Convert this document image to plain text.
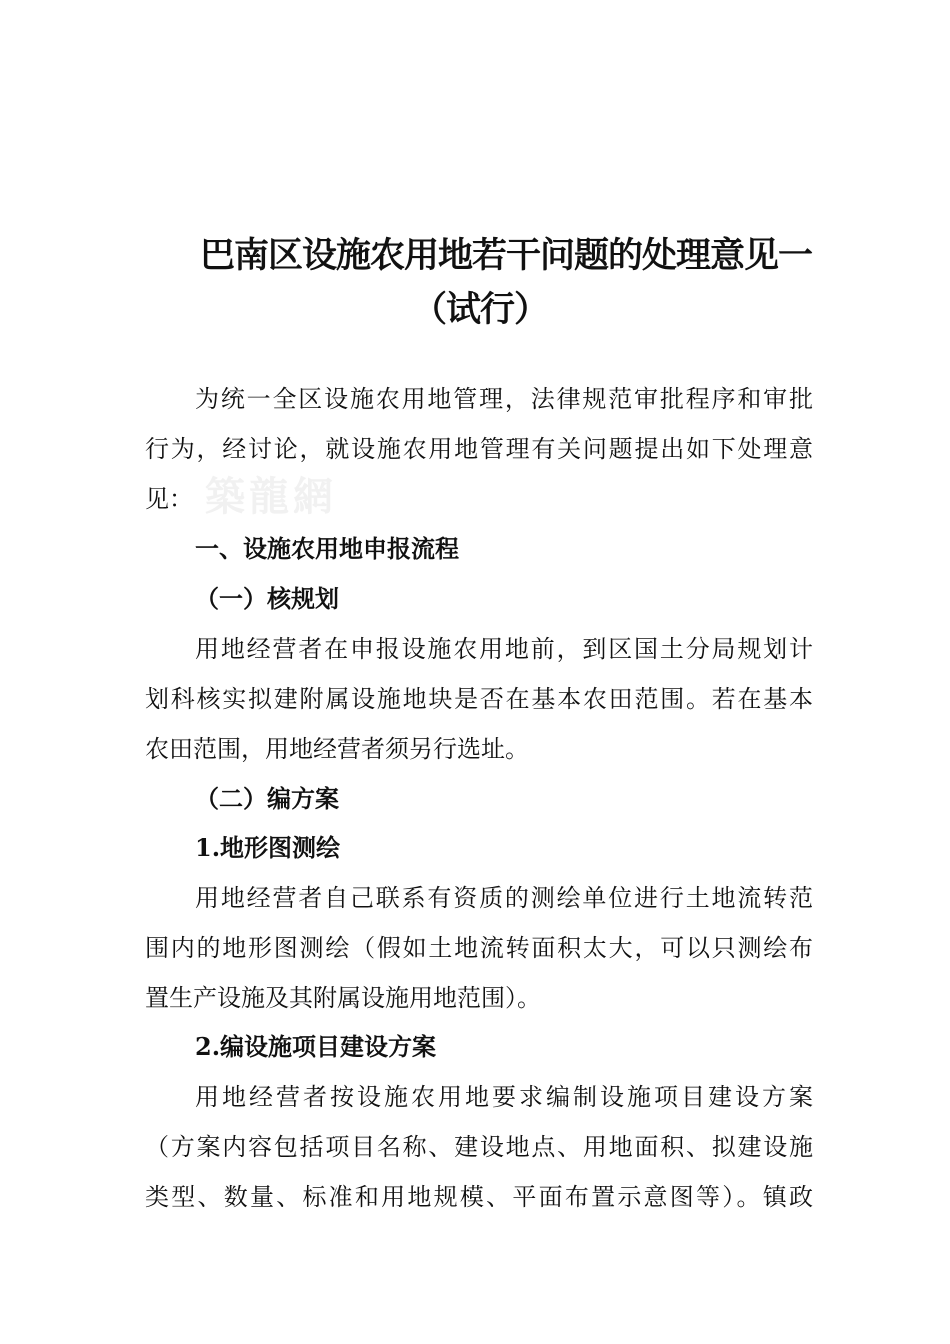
巴南区设施农用地若干问题的处理意见一
（试行）
築龍網
为统一全区设施农用地管理，法律规范审批程序和审批
行为，经讨论，就设施农用地管理有关问题提出如下处理意
见：
一、设施农用地申报流程
（一）核规划
用地经营者在申报设施农用地前，到区国土分局规划计
划科核实拟建附属设施地块是否在基本农田范围。若在基本
农田范围，用地经营者须另行选址。
（二）编方案
1.地形图测绘
用地经营者自己联系有资质的测绘单位进行土地流转范
围内的地形图测绘（假如土地流转面积太大，可以只测绘布
置生产设施及其附属设施用地范围）。
2.编设施项目建设方案
用地经营者按设施农用地要求编制设施项目建设方案
（方案内容包括项目名称、建设地点、用地面积、拟建设施
类型、数量、标准和用地规模、平面布置示意图等）。镇政
